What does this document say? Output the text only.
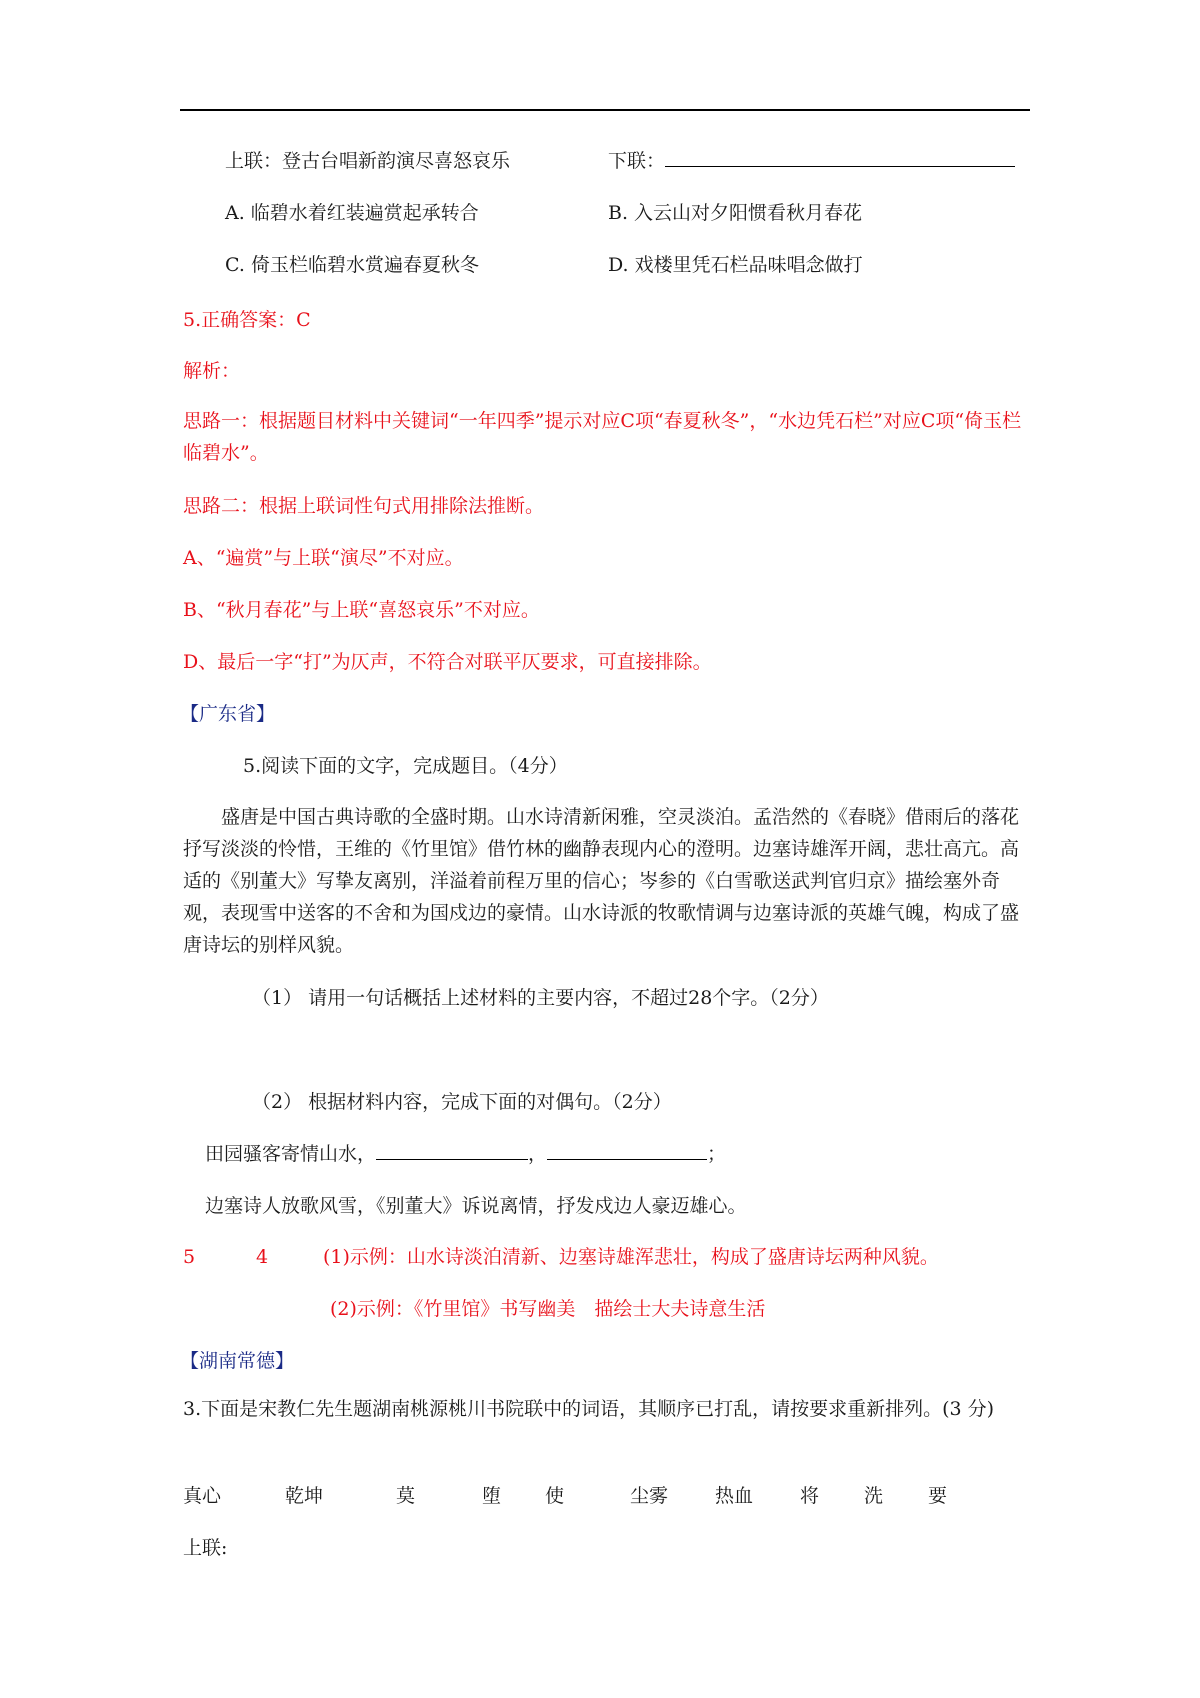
上联：登古台唱新韵演尽喜怒哀乐	下联：
A. 临碧水着红装遍赏起承转合	B. 入云山对夕阳惯看秋月春花
C. 倚玉栏临碧水赏遍春夏秋冬	D. 戏楼里凭石栏品味唱念做打
5.正确答案：C
解析：
思路一：根据题目材料中关键词“一年四季”提示对应C项“春夏秋冬”，“水边凭石栏”对应C项“倚玉栏临碧水”。
思路二：根据上联词性句式用排除法推断。
A、“遍赏”与上联“演尽”不对应。
B、“秋月春花”与上联“喜怒哀乐”不对应。
D、最后一字“打”为仄声，不符合对联平仄要求，可直接排除。
【广东省】
5.阅读下面的文字，完成题目。（4分）
盛唐是中国古典诗歌的全盛时期。山水诗清新闲雅，空灵淡泊。孟浩然的《春晓》借雨后的落花抒写淡淡的怜惜，王维的《竹里馆》借竹林的幽静表现内心的澄明。边塞诗雄浑开阔，悲壮高亢。高适的《别董大》写挚友离别，洋溢着前程万里的信心；岑参的《白雪歌送武判官归京》描绘塞外奇观，表现雪中送客的不舍和为国戍边的豪情。山水诗派的牧歌情调与边塞诗派的英雄气魄，构成了盛唐诗坛的别样风貌。
（1） 请用一句话概括上述材料的主要内容，不超过28个字。（2分）
（2） 根据材料内容，完成下面的对偶句。（2分）
田园骚客寄情山水，	，	；
边塞诗人放歌风雪，《别董大》诉说离情，抒发戍边人豪迈雄心。
5	4	(1)示例：山水诗淡泊清新、边塞诗雄浑悲壮，构成了盛唐诗坛两种风貌。
(2)示例：《竹里馆》书写幽美　描绘士大夫诗意生活
【湖南常德】
3.下面是宋教仁先生题湖南桃源桃川书院联中的词语，其顺序已打乱，请按要求重新排列。(3 分)
真心	乾坤	莫	堕 使	尘雾 热血 将 洗 要
上联:
